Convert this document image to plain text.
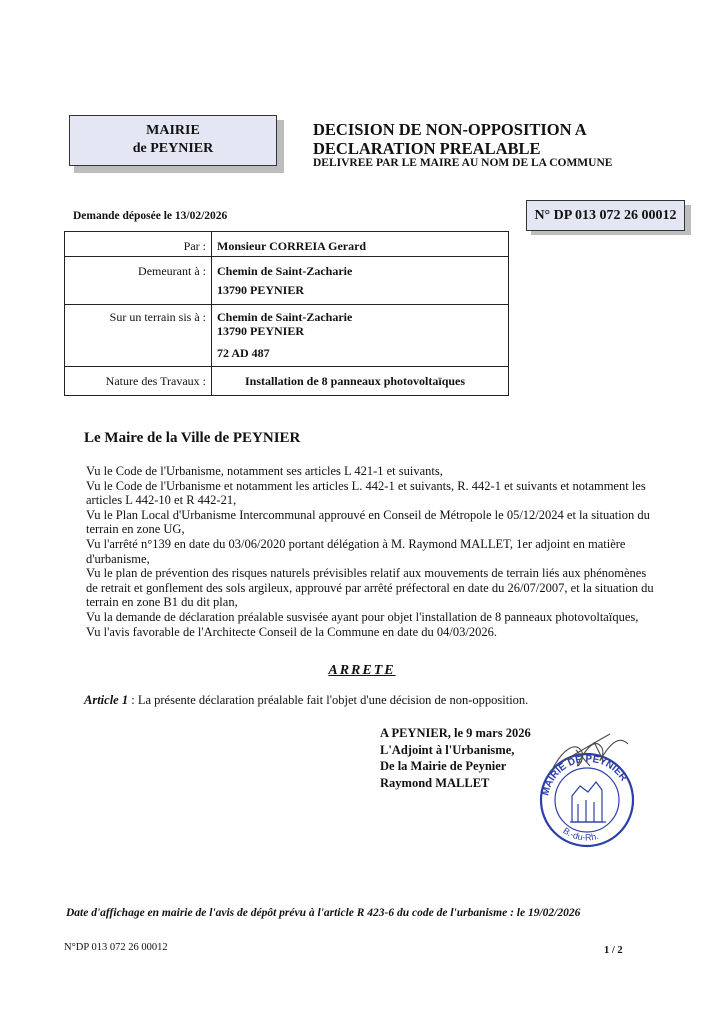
MAIRIE
de PEYNIER
DECISION DE NON-OPPOSITION A
DECLARATION PREALABLE
DELIVREE PAR LE MAIRE AU NOM DE LA COMMUNE
Demande déposée le 13/02/2026
Par : Monsieur CORREIA Gerard
Demeurant à : Chemin de Saint-Zacharie
13790 PEYNIER
Sur un terrain sis à : Chemin de Saint-Zacharie
13790 PEYNIER
72 AD 487
Nature des Travaux :	Installation de 8 panneaux photovoltaïques
N° DP 013 072 26 00012
Le Maire de la Ville de PEYNIER

Vu le Code de l'Urbanisme, notamment ses articles L 421-1 et suivants,

Vu le Code de l'Urbanisme et notamment les articles L. 442-1 et suivants, R. 442-1 et suivants et notamment les articles L 442-10 et R 442-21,

Vu le Plan Local d'Urbanisme Intercommunal approuvé en Conseil de Métropole le 05/12/2024 et la situation du terrain en zone UG,

Vu l'arrêté n°139 en date du 03/06/2020 portant délégation à M. Raymond MALLET, 1er adjoint en matière d'urbanisme,

Vu le plan de prévention des risques naturels prévisibles relatif aux mouvements de terrain liés aux phénomènes de retrait et gonflement des sols argileux, approuvé par arrêté préfectoral en date du 26/07/2007, et la situation du terrain en zone B1 du dit plan,

Vu la demande de déclaration préalable susvisée ayant pour objet l'installation de 8 panneaux photovoltaïques,

Vu l'avis favorable de l'Architecte Conseil de la Commune en date du 04/03/2026.

ARRETE
Article 1 : La présente déclaration préalable fait l'objet d'une décision de non-opposition.
A PEYNIER, le 9 mars 2026
L'Adjoint à l'Urbanisme,
De la Mairie de Peynier
Raymond MALLET
MAIRIE DE PEYNIER
B.-du-Rh.
Date d'affichage en mairie de l'avis de dépôt prévu à l'article R 423-6 du code de l'urbanisme : le 19/02/2026
N°DP 013 072 26 00012	1 / 2
